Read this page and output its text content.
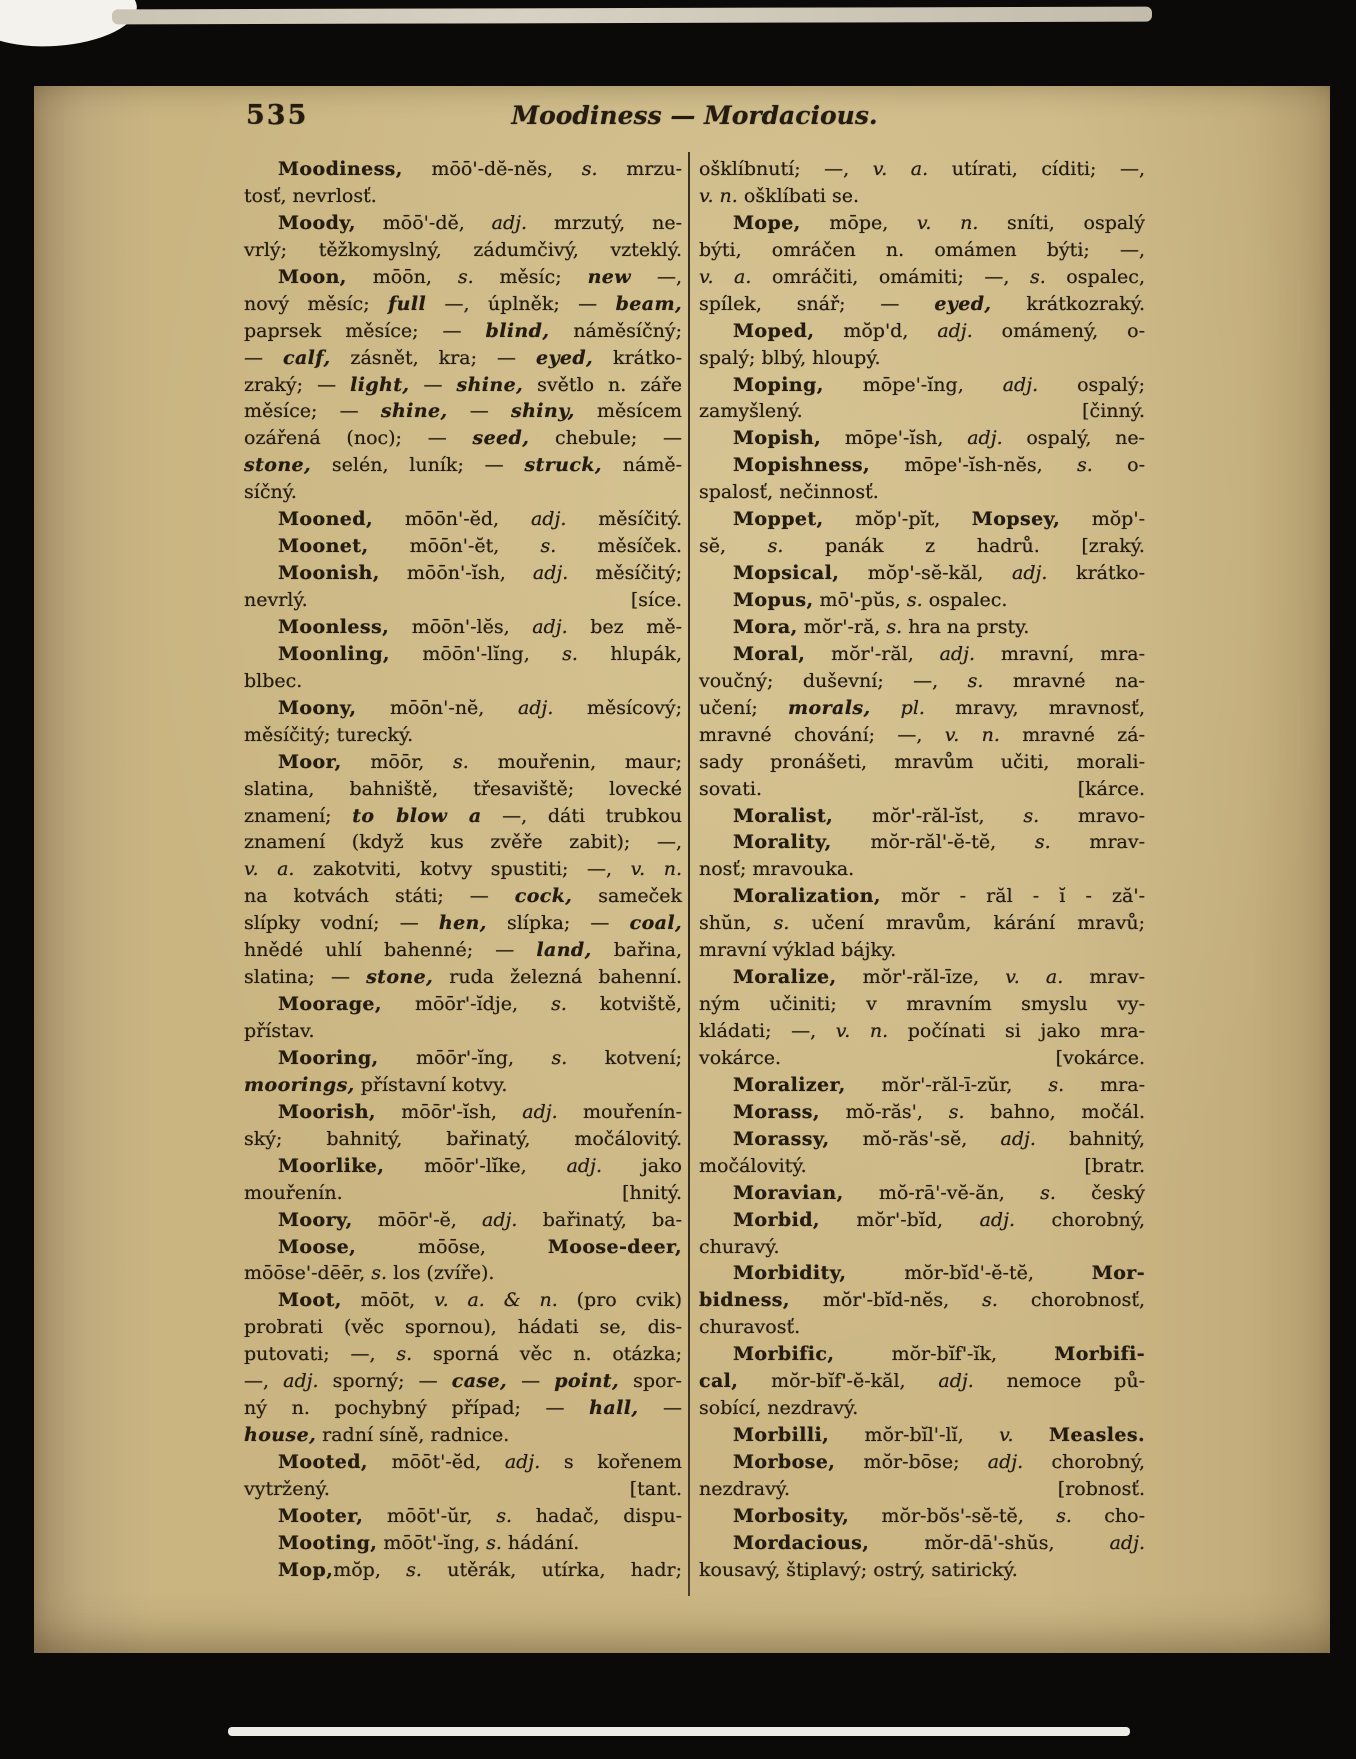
535	Moodiness — Mordacious.
Moodiness, mōō'-dĕ-nĕs, s. mrzu-
tosť, nevrlosť.
Moody, mōō'-dĕ, adj. mrzutý, ne-
vrlý; těžkomyslný, zádumčivý, vzteklý.
Moon, mōōn, s. měsíc; new —,
nový měsíc; full —, úplněk; — beam,
paprsek měsíce; — blind, náměsíčný;
— calf, zásnět, kra; — eyed, krátko-
zraký; — light, — shine, světlo n. záře
měsíce; — shine, — shiny, měsícem
ozářená (noc); — seed, chebule; —
stone, selén, luník; — struck, námě-
síčný.
Mooned, mōōn'-ĕd, adj. měsíčitý.
Moonet, mōōn'-ĕt, s. měsíček.
Moonish, mōōn'-ĭsh, adj. měsíčitý;
nevrlý.	[síce.
Moonless, mōōn'-lĕs, adj. bez mě-
Moonling, mōōn'-lĭng, s. hlupák,
blbec.
Moony, mōōn'-nĕ, adj. měsícový;
měsíčitý; turecký.
Moor, mōōr, s. mouřenin, maur;
slatina, bahniště, třesaviště; lovecké
znamení; to blow a —, dáti trubkou
znamení (když kus zvěře zabit); —,
v. a. zakotviti, kotvy spustiti; —, v. n.
na kotvách státi; — cock, sameček
slípky vodní; — hen, slípka; — coal,
hnědé uhlí bahenné; — land, bařina,
slatina; — stone, ruda železná bahenní.
Moorage, mōōr'-ĭdje, s. kotviště,
přístav.
Mooring, mōōr'-ĭng, s. kotvení;
moorings, přístavní kotvy.
Moorish, mōōr'-ĭsh, adj. mouřenín-
ský; bahnitý, bařinatý, močálovitý.
Moorlike, mōōr'-lĭke, adj. jako
mouřenín.	[hnitý.
Moory, mōōr'-ĕ, adj. bařinatý, ba-
Moose, mōōse, Moose-deer,
mōōse'-dēēr, s. los (zvíře).
Moot, mōōt, v. a. & n. (pro cvik)
probrati (věc spornou), hádati se, dis-
putovati; —, s. sporná věc n. otázka;
—, adj. sporný; — case, — point, spor-
ný n. pochybný případ; — hall, —
house, radní síně, radnice.
Mooted, mōōt'-ĕd, adj. s kořenem
vytržený.	[tant.
Mooter, mōōt'-ŭr, s. hadač, dispu-
Mooting, mōōt'-ĭng, s. hádání.
Mop,mŏp, s. utěrák, utírka, hadr;
ošklíbnutí; —, v. a. utírati, cíditi; —,
v. n. ošklíbati se.
Mope, mōpe, v. n. sníti, ospalý
býti, omráčen n. omámen býti; —,
v. a. omráčiti, omámiti; —, s. ospalec,
spílek, snář; — eyed, krátkozraký.
Moped, mŏp'd, adj. omámený, o-
spalý; blbý, hloupý.
Moping, mōpe'-ĭng, adj. ospalý;
zamyšlený.	[činný.
Mopish, mōpe'-ĭsh, adj. ospalý, ne-
Mopishness, mōpe'-ĭsh-nĕs, s. o-
spalosť, nečinnosť.
Moppet, mŏp'-pĭt, Mopsey, mŏp'-
sĕ, s. panák z hadrů. [zraký.
Mopsical, mŏp'-sĕ-kăl, adj. krátko-
Mopus, mō'-pŭs, s. ospalec.
Mora, mŏr'-ră, s. hra na prsty.
Moral, mŏr'-răl, adj. mravní, mra-
voučný; duševní; —, s. mravné na-
učení; morals, pl. mravy, mravnosť,
mravné chování; —, v. n. mravné zá-
sady pronášeti, mravům učiti, morali-
sovati.	[kárce.
Moralist, mŏr'-răl-ĭst, s. mravo-
Morality, mŏr-răl'-ĕ-tĕ, s. mrav-
nosť; mravouka.
Moralization, mŏr - răl - ĭ - ză'-
shŭn, s. učení mravům, kárání mravů;
mravní výklad bájky.
Moralize, mŏr'-răl-īze, v. a. mrav-
ným učiniti; v mravním smyslu vy-
kládati; —, v. n. počínati si jako mra-
vokárce.	[vokárce.
Moralizer, mŏr'-răl-ī-zŭr, s. mra-
Morass, mŏ-răs', s. bahno, močál.
Morassy, mŏ-răs'-sĕ, adj. bahnitý,
močálovitý.	[bratr.
Moravian, mŏ-rā'-vĕ-ăn, s. český
Morbid, mŏr'-bĭd, adj. chorobný,
churavý.
Morbidity, mŏr-bĭd'-ĕ-tĕ, Mor-
bidness, mŏr'-bĭd-nĕs, s. chorobnosť,
churavosť.
Morbific, mŏr-bĭf'-ĭk, Morbifi-
cal, mŏr-bĭf'-ĕ-kăl, adj. nemoce pů-
sobící, nezdravý.
Morbilli, mŏr-bĭl'-lĭ, v. Measles.
Morbose, mŏr-bōse; adj. chorobný,
nezdravý.	[robnosť.
Morbosity, mŏr-bŏs'-sĕ-tĕ, s. cho-
Mordacious, mŏr-dā'-shŭs, adj.
kousavý, štiplavý; ostrý, satirický.
